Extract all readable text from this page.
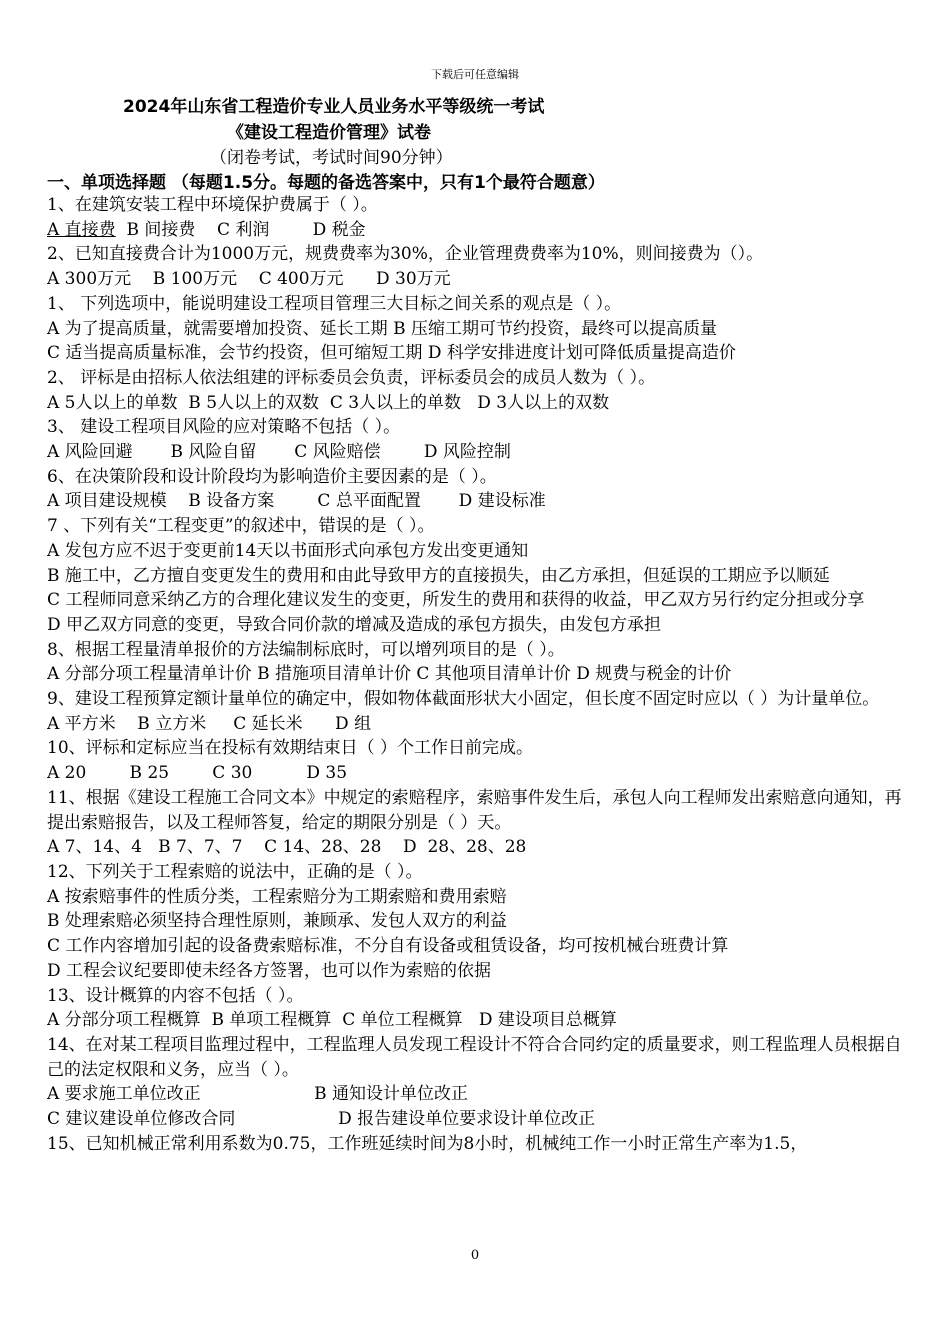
下载后可任意编辑
2024年山东省工程造价专业人员业务水平等级统一考试
《建设工程造价管理》试卷
（闭卷考试，考试时间90分钟）
一、单项选择题 （每题1.5分。每题的备选答案中，只有1个最符合题意）
1、在建筑安装工程中环境保护费属于（ ）。
A 直接费  B 间接费    C 利润        D 税金
2、已知直接费合计为1000万元，规费费率为30%，企业管理费费率为10%，则间接费为（）。
A 300万元    B 100万元    C 400万元      D 30万元
1、 下列选项中，能说明建设工程项目管理三大目标之间关系的观点是（ ）。
A 为了提高质量，就需要增加投资、延长工期 B 压缩工期可节约投资，最终可以提高质量
C 适当提高质量标准，会节约投资，但可缩短工期 D 科学安排进度计划可降低质量提高造价
2、 评标是由招标人依法组建的评标委员会负责，评标委员会的成员人数为（ ）。
A 5人以上的单数  B 5人以上的双数  C 3人以上的单数   D 3人以上的双数
3、 建设工程项目风险的应对策略不包括（ ）。
A 风险回避       B 风险自留       C 风险赔偿        D 风险控制
6、在决策阶段和设计阶段均为影响造价主要因素的是（ ）。
A 项目建设规模    B 设备方案        C 总平面配置       D 建设标准
7 、下列有关“工程变更”的叙述中，错误的是（ ）。
A 发包方应不迟于变更前14天以书面形式向承包方发出变更通知
B 施工中，乙方擅自变更发生的费用和由此导致甲方的直接损失，由乙方承担，但延误的工期应予以顺延
C 工程师同意采纳乙方的合理化建议发生的变更，所发生的费用和获得的收益，甲乙双方另行约定分担或分享
D 甲乙双方同意的变更，导致合同价款的增减及造成的承包方损失，由发包方承担
8、根据工程量清单报价的方法编制标底时，可以增列项目的是（ ）。
A 分部分项工程量清单计价 B 措施项目清单计价 C 其他项目清单计价 D 规费与税金的计价
9、建设工程预算定额计量单位的确定中，假如物体截面形状大小固定，但长度不固定时应以（ ）为计量单位。
A 平方米    B 立方米     C 延长米      D 组
10、评标和定标应当在投标有效期结束日（ ）个工作日前完成。
A 20        B 25        C 30          D 35
11、根据《建设工程施工合同文本》中规定的索赔程序，索赔事件发生后，承包人向工程师发出索赔意向通知，再提出索赔报告，以及工程师答复，给定的期限分别是（ ）天。
A 7、14、4   B 7、7、7    C 14、28、28    D  28、28、28
12、下列关于工程索赔的说法中，正确的是（ ）。
A 按索赔事件的性质分类，工程索赔分为工期索赔和费用索赔
B 处理索赔必须坚持合理性原则，兼顾承、发包人双方的利益
C 工作内容增加引起的设备费索赔标准，不分自有设备或租赁设备，均可按机械台班费计算
D 工程会议纪要即使未经各方签署，也可以作为索赔的依据
13、设计概算的内容不包括（ ）。
A 分部分项工程概算  B 单项工程概算  C 单位工程概算   D 建设项目总概算
14、在对某工程项目监理过程中，工程监理人员发现工程设计不符合合同约定的质量要求，则工程监理人员根据自己的法定权限和义务，应当（ ）。
A 要求施工单位改正                     B 通知设计单位改正
C 建议建设单位修改合同                   D 报告建设单位要求设计单位改正
15、已知机械正常利用系数为0.75，工作班延续时间为8小时，机械纯工作一小时正常生产率为1.5，
0
